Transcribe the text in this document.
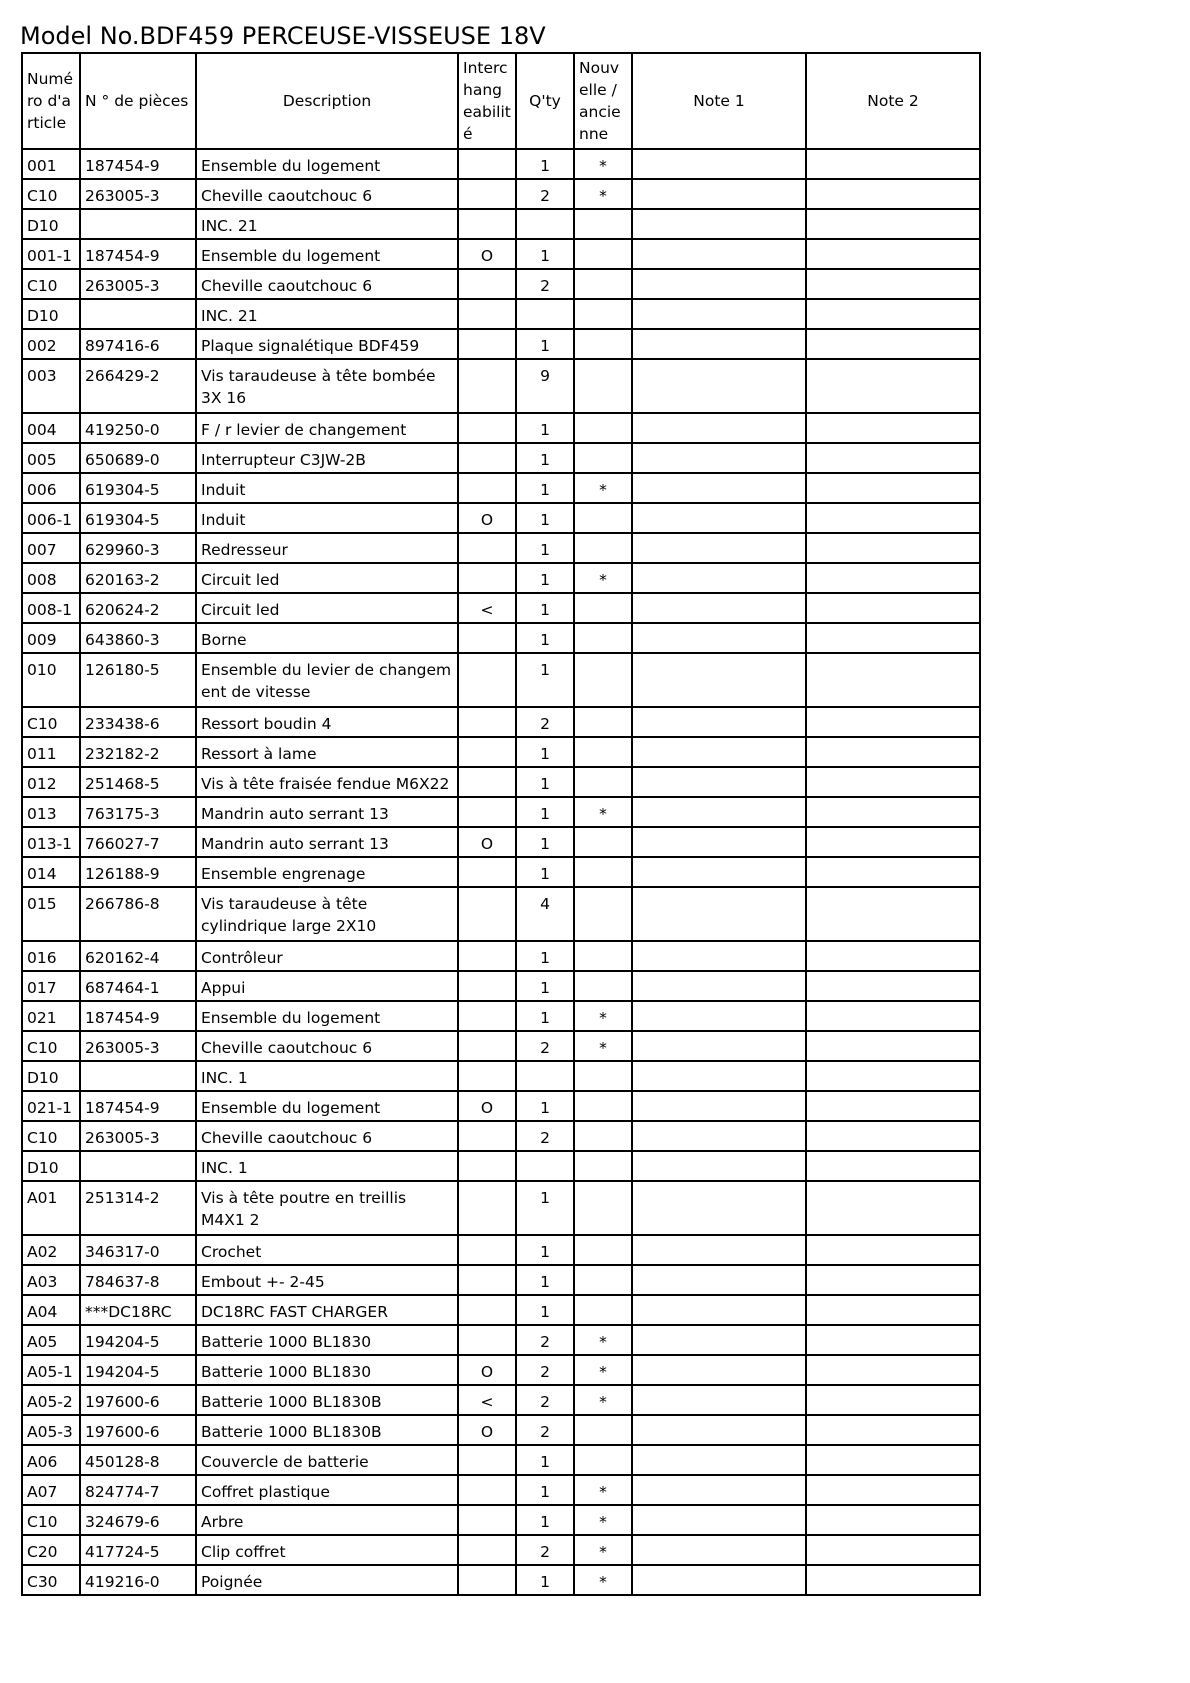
Model No.BDF459 PERCEUSE-VISSEUSE 18V
Numé ro d'a rticle	N ° de pièces	Description	Interc hang eabilit é	Q'ty	Nouv elle / ancie nne	Note 1	Note 2
001	187454-9	Ensemble du logement		1	*		
C10	263005-3	Cheville caoutchouc 6		2	*		
D10		INC. 21					
001-1	187454-9	Ensemble du logement	O	1			
C10	263005-3	Cheville caoutchouc 6		2			
D10		INC. 21					
002	897416-6	Plaque signalétique BDF459		1			
003	266429-2	Vis taraudeuse à tête bombée 3X 16		9			
004	419250-0	F / r levier de changement		1			
005	650689-0	Interrupteur C3JW-2B		1			
006	619304-5	Induit		1	*		
006-1	619304-5	Induit	O	1			
007	629960-3	Redresseur		1			
008	620163-2	Circuit led		1	*		
008-1	620624-2	Circuit led	<	1			
009	643860-3	Borne		1			
010	126180-5	Ensemble du levier de changem ent de vitesse		1			
C10	233438-6	Ressort boudin 4		2			
011	232182-2	Ressort à lame		1			
012	251468-5	Vis à tête fraisée fendue M6X22		1			
013	763175-3	Mandrin auto serrant 13		1	*		
013-1	766027-7	Mandrin auto serrant 13	O	1			
014	126188-9	Ensemble engrenage		1			
015	266786-8	Vis taraudeuse à tête cylindrique large 2X10		4			
016	620162-4	Contrôleur		1			
017	687464-1	Appui		1			
021	187454-9	Ensemble du logement		1	*		
C10	263005-3	Cheville caoutchouc 6		2	*		
D10		INC. 1					
021-1	187454-9	Ensemble du logement	O	1			
C10	263005-3	Cheville caoutchouc 6		2			
D10		INC. 1					
A01	251314-2	Vis à tête poutre en treillis M4X1 2		1			
A02	346317-0	Crochet		1			
A03	784637-8	Embout +- 2-45		1			
A04	***DC18RC	DC18RC FAST CHARGER		1			
A05	194204-5	Batterie 1000 BL1830		2	*		
A05-1	194204-5	Batterie 1000 BL1830	O	2	*		
A05-2	197600-6	Batterie 1000 BL1830B	<	2	*		
A05-3	197600-6	Batterie 1000 BL1830B	O	2			
A06	450128-8	Couvercle de batterie		1			
A07	824774-7	Coffret plastique		1	*		
C10	324679-6	Arbre		1	*		
C20	417724-5	Clip coffret		2	*		
C30	419216-0	Poignée		1	*		
